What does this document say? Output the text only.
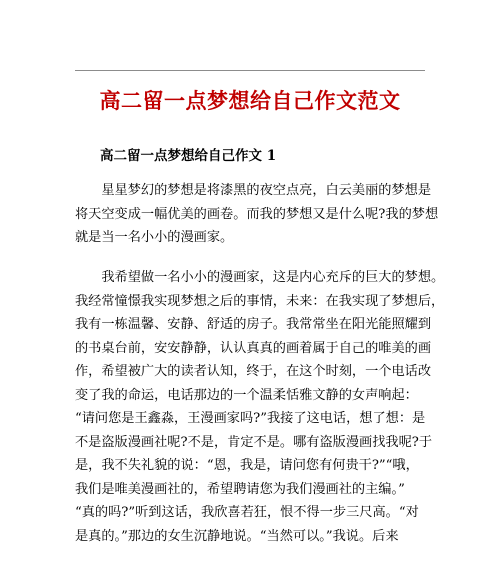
高二留一点梦想给自己作文范文
高二留一点梦想给自己作文 1
　　星星梦幻的梦想是将漆黑的夜空点亮，白云美丽的梦想是
将天空变成一幅优美的画卷。而我的梦想又是什么呢?我的梦想
就是当一名小小的漫画家。
　　我希望做一名小小的漫画家，这是内心充斥的巨大的梦想。
我经常憧憬我实现梦想之后的事情，未来：在我实现了梦想后，
我有一栋温馨、安静、舒适的房子。我常常坐在阳光能照耀到
的书桌台前，安安静静，认认真真的画着属于自己的唯美的画
作，希望被广大的读者认知，终于，在这个时刻，一个电话改
变了我的命运，电话那边的一个温柔恬雅文静的女声响起：
“请问您是王鑫淼，王漫画家吗?”我接了这电话，想了想：是
不是盗版漫画社呢?不是，肯定不是。哪有盗版漫画找我呢?于
是，我不失礼貌的说：“恩，我是，请问您有何贵干?”“哦，
我们是唯美漫画社的，希望聘请您为我们漫画社的主编。”
“真的吗?”听到这话，我欣喜若狂，恨不得一步三尺高。“对
是真的。”那边的女生沉静地说。“当然可以。”我说。后来
